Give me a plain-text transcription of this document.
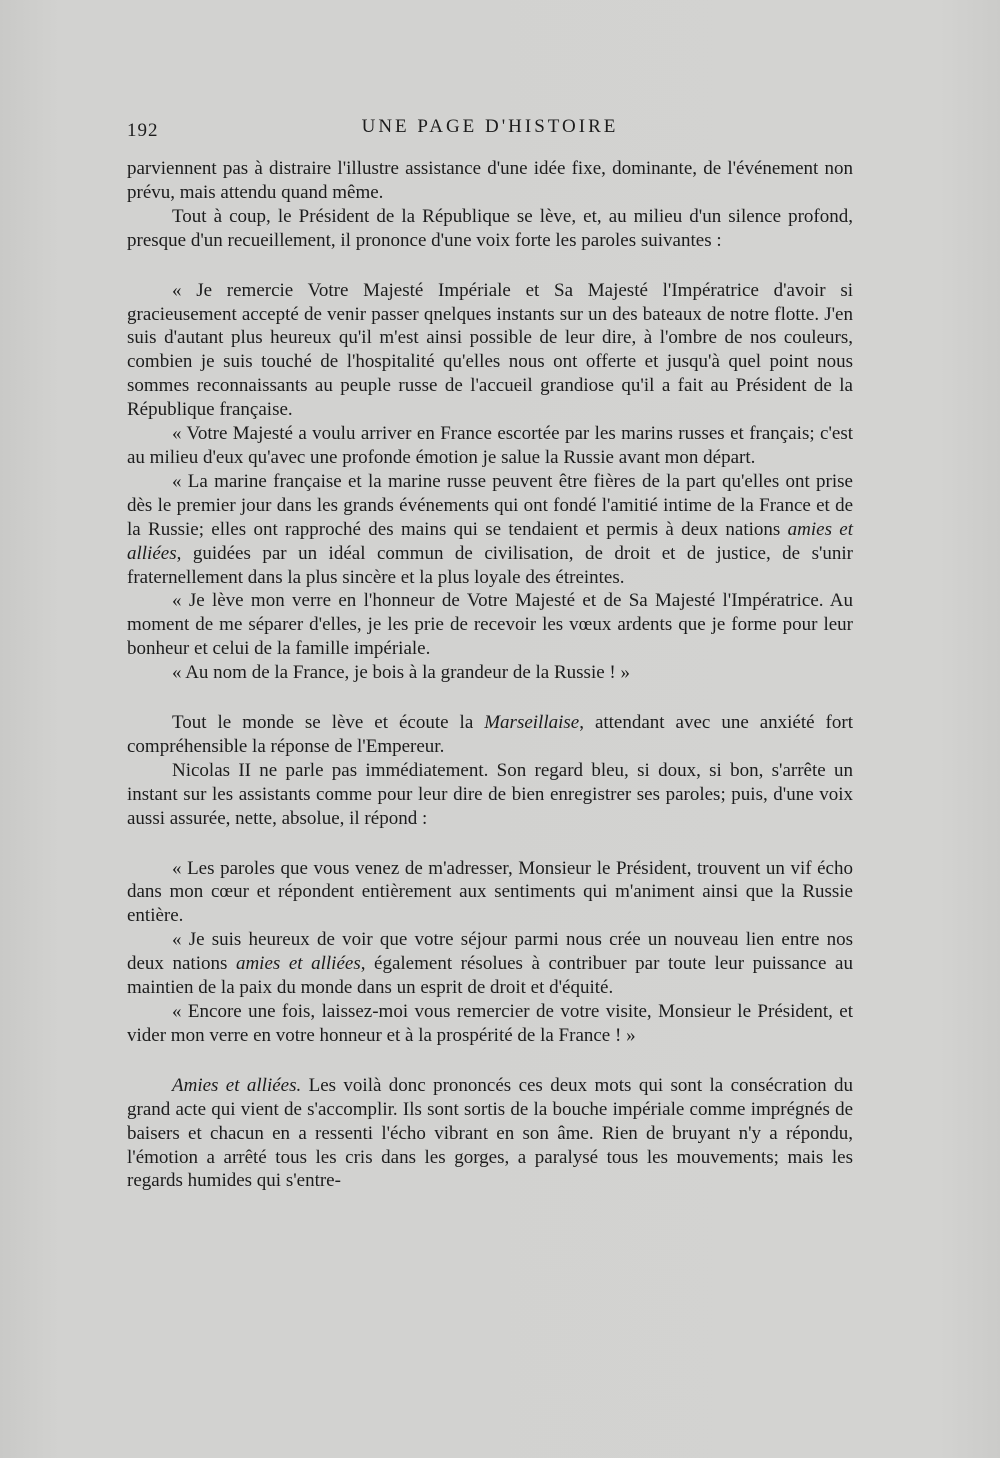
192	UNE PAGE D'HISTOIRE

parviennent pas à distraire l'illustre assistance d'une idée fixe, dominante, de l'événement non prévu, mais attendu quand même.

Tout à coup, le Président de la République se lève, et, au milieu d'un silence profond, presque d'un recueillement, il prononce d'une voix forte les paroles suivantes :

« Je remercie Votre Majesté Impériale et Sa Majesté l'Impératrice d'avoir si gracieusement accepté de venir passer qnelques instants sur un des bateaux de notre flotte. J'en suis d'autant plus heureux qu'il m'est ainsi possible de leur dire, à l'ombre de nos couleurs, combien je suis touché de l'hospitalité qu'elles nous ont offerte et jusqu'à quel point nous sommes reconnaissants au peuple russe de l'accueil grandiose qu'il a fait au Président de la République française.

« Votre Majesté a voulu arriver en France escortée par les marins russes et français; c'est au milieu d'eux qu'avec une profonde émotion je salue la Russie avant mon départ.

« La marine française et la marine russe peuvent être fières de la part qu'elles ont prise dès le premier jour dans les grands événements qui ont fondé l'amitié intime de la France et de la Russie; elles ont rapproché des mains qui se tendaient et permis à deux nations amies et alliées, guidées par un idéal commun de civilisation, de droit et de justice, de s'unir fraternellement dans la plus sincère et la plus loyale des étreintes.

« Je lève mon verre en l'honneur de Votre Majesté et de Sa Majesté l'Impératrice. Au moment de me séparer d'elles, je les prie de recevoir les vœux ardents que je forme pour leur bonheur et celui de la famille impériale.

« Au nom de la France, je bois à la grandeur de la Russie ! »

Tout le monde se lève et écoute la Marseillaise, attendant avec une anxiété fort compréhensible la réponse de l'Empereur.

Nicolas II ne parle pas immédiatement. Son regard bleu, si doux, si bon, s'arrête un instant sur les assistants comme pour leur dire de bien enregistrer ses paroles; puis, d'une voix aussi assurée, nette, absolue, il répond :

« Les paroles que vous venez de m'adresser, Monsieur le Président, trouvent un vif écho dans mon cœur et répondent entièrement aux sentiments qui m'animent ainsi que la Russie entière.

« Je suis heureux de voir que votre séjour parmi nous crée un nouveau lien entre nos deux nations amies et alliées, également résolues à contribuer par toute leur puissance au maintien de la paix du monde dans un esprit de droit et d'équité.

« Encore une fois, laissez-moi vous remercier de votre visite, Monsieur le Président, et vider mon verre en votre honneur et à la prospérité de la France ! »

Amies et alliées. Les voilà donc prononcés ces deux mots qui sont la consécration du grand acte qui vient de s'accomplir. Ils sont sortis de la bouche impériale comme imprégnés de baisers et chacun en a ressenti l'écho vibrant en son âme. Rien de bruyant n'y a répondu, l'émotion a arrêté tous les cris dans les gorges, a paralysé tous les mouvements; mais les regards humides qui s'entre-
